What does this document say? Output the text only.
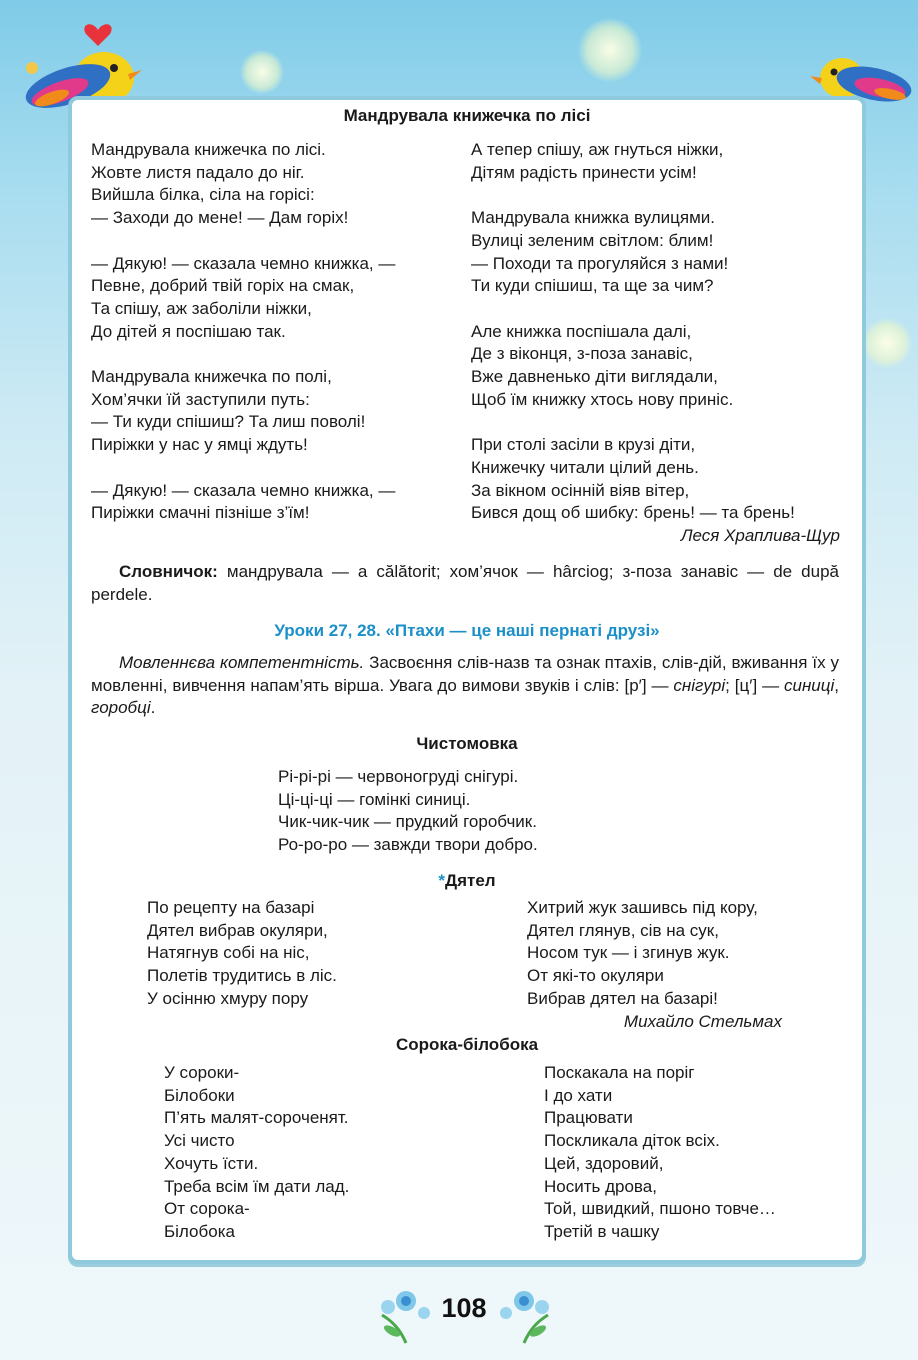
Мандрувала книжечка по лісі
Мандрувала книжечка по лісі.
Жовте листя падало до ніг.
Вийшла білка, сіла на горісі:
— Заходи до мене! — Дам горіх!
— Дякую! — сказала чемно книжка, —
Певне, добрий твій горіх на смак,
Та спішу, аж заболіли ніжки,
До дітей я поспішаю так.
Мандрувала книжечка по полі,
Хом’ячки їй заступили путь:
— Ти куди спішиш? Та лиш поволі!
Пиріжки у нас у ямці ждуть!
— Дякую! — сказала чемно книжка, —
Пиріжки смачні пізніше з’їм!
А тепер спішу, аж гнуться ніжки,
Дітям радість принести усім!
Мандрувала книжка вулицями.
Вулиці зеленим світлом: блим!
— Походи та прогуляйся з нами!
Ти куди спішиш, та ще за чим?
Але книжка поспішала далі,
Де з віконця, з-поза занавіс,
Вже давненько діти виглядали,
Щоб їм книжку хтось нову приніс.
При столі засіли в крузі діти,
Книжечку читали цілий день.
За вікном осінній віяв вітер,
Бився дощ об шибку: брень! — та брень!
Леся Храплива-Щур
Словничок: мандрувала — a călătorit; хом’ячок — hârciog; з-поза занавіс — de după perdele.
Уроки 27, 28. «Птахи — це наші пернаті друзі»
Мовленнєва компетентність. Засвоєння слів-назв та ознак птахів, слів-дій, вживання їх у мовленні, вивчення напам’ять вірша. Увага до вимови звуків і слів: [р′] — снігурі; [ц′] — синиці, горобці.
Чистомовка
Рі-рі-рі — червоногруді снігурі.
Ці-ці-ці — гомінкі синиці.
Чик-чик-чик — прудкий горобчик.
Ро-ро-ро — завжди твори добро.
*Дятел
По рецепту на базарі
Дятел вибрав окуляри,
Натягнув собі на ніс,
Полетів трудитись в ліс.
У осінню хмуру пору
Хитрий жук зашивсь під кору,
Дятел глянув, сів на сук,
Носом тук — і згинув жук.
От які-то окуляри
Вибрав дятел на базарі!
Михайло Стельмах
Сорока-білобока
У сороки-
Білобоки
П’ять малят-сороченят.
Усі чисто
Хочуть їсти.
Треба всім їм дати лад.
От сорока-
Білобока
Поскакала на поріг
І до хати
Працювати
Поскликала діток всіх.
Цей, здоровий,
Носить дрова,
Той, швидкий, пшоно товче…
Третій в чашку
108
